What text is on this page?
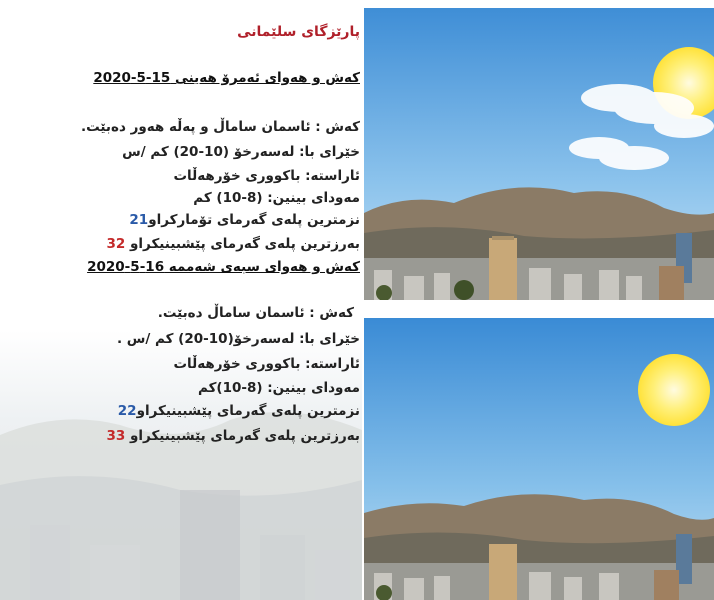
پارێزگای سلێمانی
کەش و هەوای ئەمرۆ هەینی 15-5-2020
کەش : ئاسمان ساماڵ و پەڵە هەور دەبێت.
خێرای با: لەسەرخۆ (10-20) کم /س
ئاراستە: باکووری خۆرهەڵات
مەودای بینین: (8-10) کم
نزمترین پلەی گەرمای تۆمارکراو21
بەرزترین پلەی گەرمای پێشبینیکراو 32
کەش و هەوای سبەی شەممە 16-5-2020
کەش : ئاسمان ساماڵ دەبێت.
خێرای با: لەسەرخۆ(10-20) کم /س .
ئاراستە: باکووری خۆرهەڵات
مەودای بینین: (8-10)کم
نزمترین پلەی گەرمای پێشبینیکراو22
بەرزترین پلەی گەرمای پێشبینیکراو 33
